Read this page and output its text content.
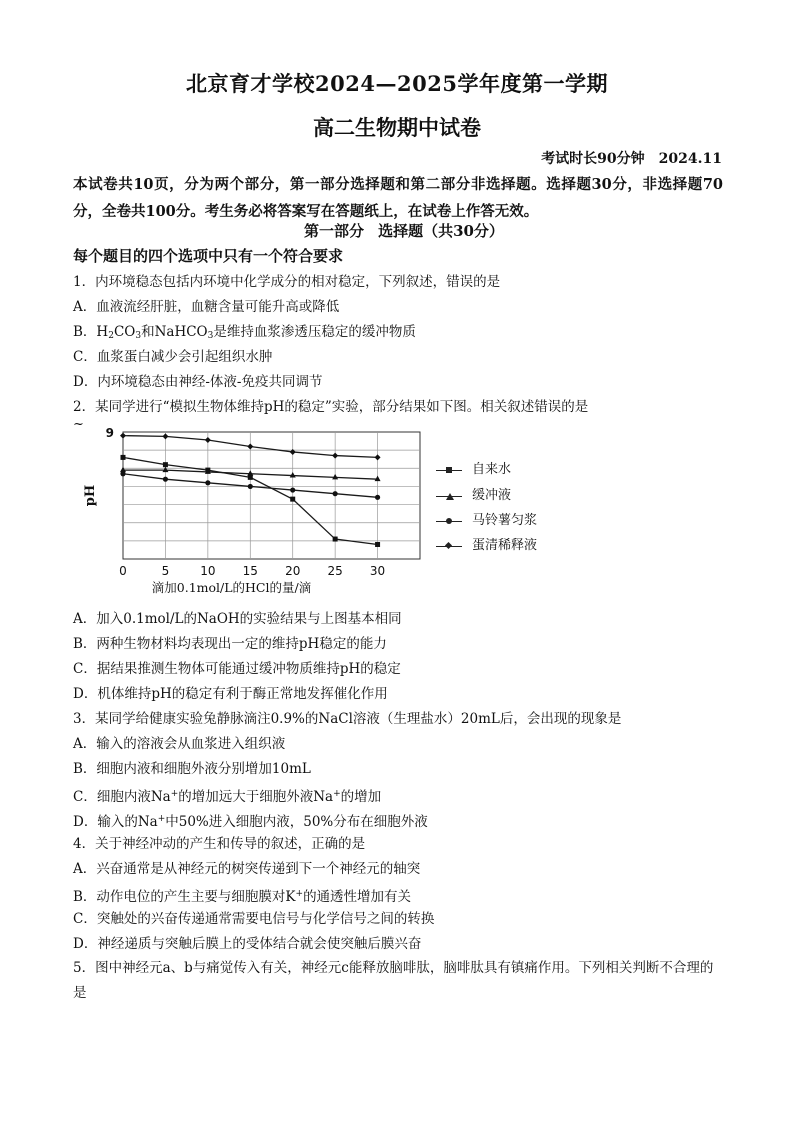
北京育才学校2024—2025学年度第一学期
高二生物期中试卷
考试时长90分钟 2024.11
本试卷共10页，分为两个部分，第一部分选择题和第二部分非选择题。选择题30分，非选择题70分，全卷共100分。考生务必将答案写在答题纸上，在试卷上作答无效。
第一部分 选择题（共30分）
每个题目的四个选项中只有一个符合要求
1．内环境稳态包括内环境中化学成分的相对稳定，下列叙述，错误的是
A．血液流经肝脏，血糖含量可能升高或降低
B．$H_2CO_3$和NaHCO$_3$是维持血浆渗透压稳定的缓冲物质
C．血浆蛋白减少会引起组织水肿
D．内环境稳态由神经-体液-免疫共同调节
2．某同学进行“模拟生物体维持pH的稳定”实验，部分结果如下图。相关叙述错误的是
~
0	5	10 15 20 25 30
9
pH
滴加0.1mol/L的HCl的量/滴
自来水
缓冲液
马铃薯匀浆
蛋清稀释液
A．加入0.1mol/L的NaOH的实验结果与上图基本相同
B．两种生物材料均表现出一定的维持pH稳定的能力
C．据结果推测生物体可能通过缓冲物质维持pH的稳定
D．机体维持pH的稳定有利于酶正常地发挥催化作用
3．某同学给健康实验兔静脉滴注0.9%的NaCl溶液（生理盐水）20mL后，会出现的现象是
A．输入的溶液会从血浆进入组织液
B．细胞内液和细胞外液分别增加10mL
C．细胞内液Na+的增加远大于细胞外液Na+的增加
D．输入的Na+中50%进入细胞内液，50%分布在细胞外液
4．关于神经冲动的产生和传导的叙述，正确的是
A．兴奋通常是从神经元的树突传递到下一个神经元的轴突
B．动作电位的产生主要与细胞膜对K+的通透性增加有关
C．突触处的兴奋传递通常需要电信号与化学信号之间的转换
D．神经递质与突触后膜上的受体结合就会使突触后膜兴奋
5．图中神经元a、b与痛觉传入有关，神经元c能释放脑啡肽，脑啡肽具有镇痛作用。下列相关判断不合理的是
